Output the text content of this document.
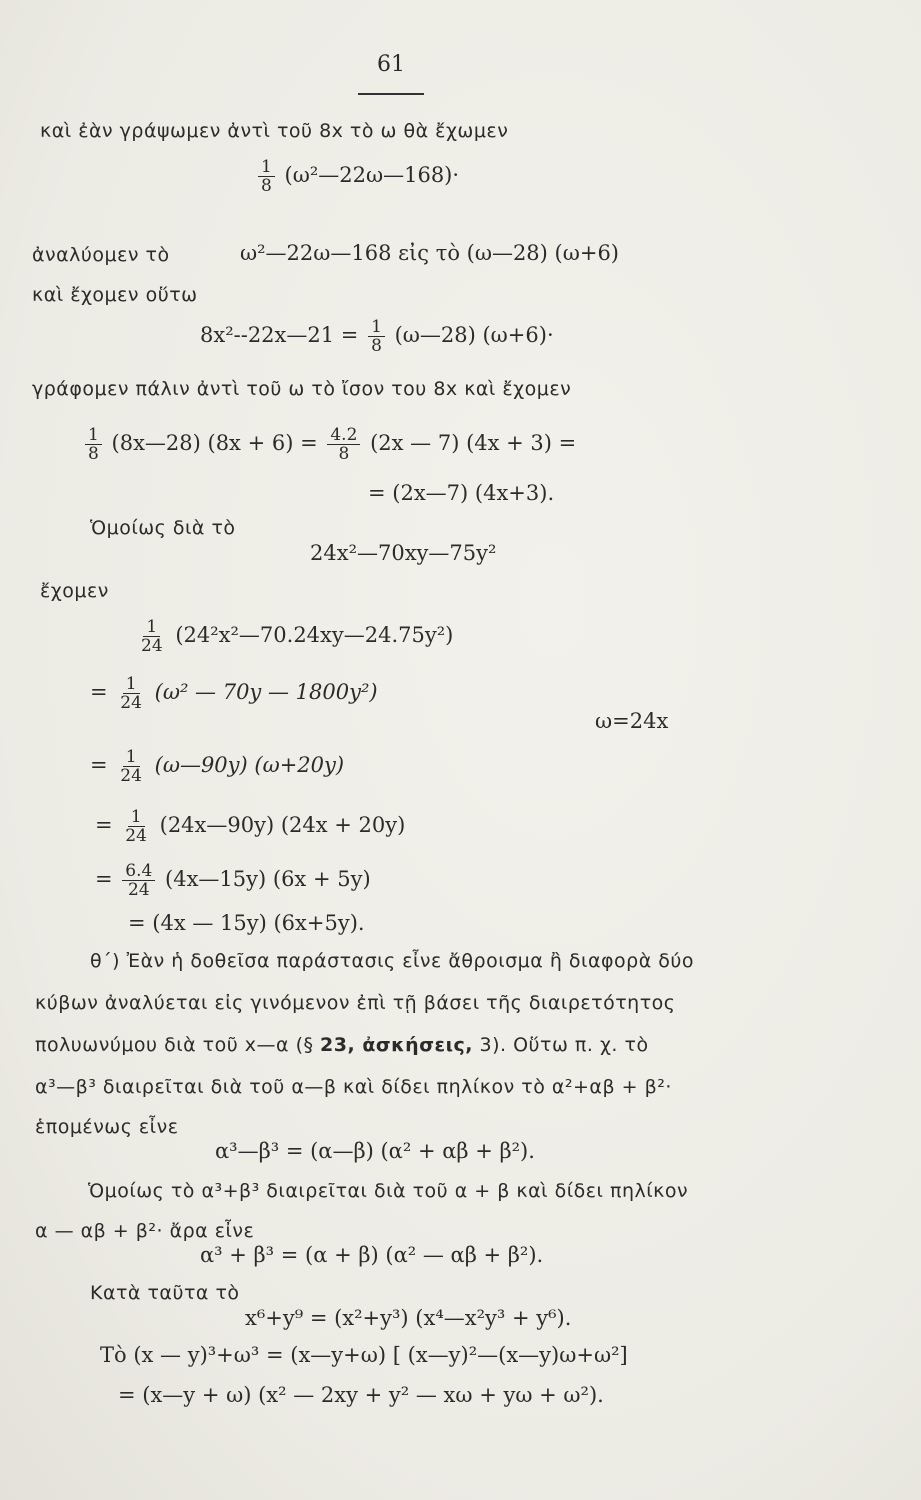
61
καὶ ἐὰν γράψωμεν ἀντὶ τοῦ 8x τὸ ω θὰ ἔχωμεν
$\frac{1}{8}$ (ω²—22ω—168)·
ἀναλύομεν τὸ	ω²—22ω—168 εἰς τὸ (ω—28) (ω+6)
καὶ ἔχομεν οὕτω
8x²--22x—21 = $\frac{1}{8}$ (ω—28) (ω+6)·
γράφομεν πάλιν ἀντὶ τοῦ ω τὸ ἴσον του 8x καὶ ἔχομεν
$\frac{1}{8}$ (8x—28) $(8x + 6) = \frac{4.2}{8} (2x$ — 7) (4x + 3) =
= (2x—7) (4x+3).
Ὁμοίως διὰ τὸ
24x²—70xy—75y²
ἔχομεν
$\frac{1}{24}$ (24²x²—70.24xy—24.75y²)
= $\frac{1}{24} (\omega^2$ — 70y — 1800y²)
ω=24x
= $\frac{1}{24}$ (ω—90y) (ω+20y)
= $\frac{1}{24}$ (24x—90y) (24x + 20y)
= $\frac{6.4}{24}$ (4x—15y) (6x + 5y)
= (4x — 15y) (6x+5y).
θ΄) Ἐὰν ἡ δοθεῖσα παράστασις εἶνε ἄθροισμα ἢ διαφορὰ δύο
κύβων ἀναλύεται εἰς γινόμενον ἐπὶ τῇ βάσει τῆς διαιρετότητος
πολυωνύμου διὰ τοῦ x—α (§ 23, ἀσκήσεις, 3). Οὕτω π. χ. τὸ
α³—β³ διαιρεῖται διὰ τοῦ α—β καὶ δίδει πηλίκον τὸ α²+αβ + β²·
ἑπομένως εἶνε
α³—β³ = (α—β) (α² + αβ + β²).
Ὁμοίως τὸ α³+β³ διαιρεῖται διὰ τοῦ α + β καὶ δίδει πηλίκον
α — αβ + β²· ἄρα εἶνε
α³ + β³ = (α + β) (α² — αβ + β²).
Κατὰ ταῦτα τὸ
x⁶+y⁹ = (x²+y³) (x⁴—x²y³ + y⁶).
Τὸ (x — y)³+ω³ = (x—y+ω) [ (x—y)²—(x—y)ω+ω²]
= (x—y + ω) (x² — 2xy + y² — xω + yω + ω²).
